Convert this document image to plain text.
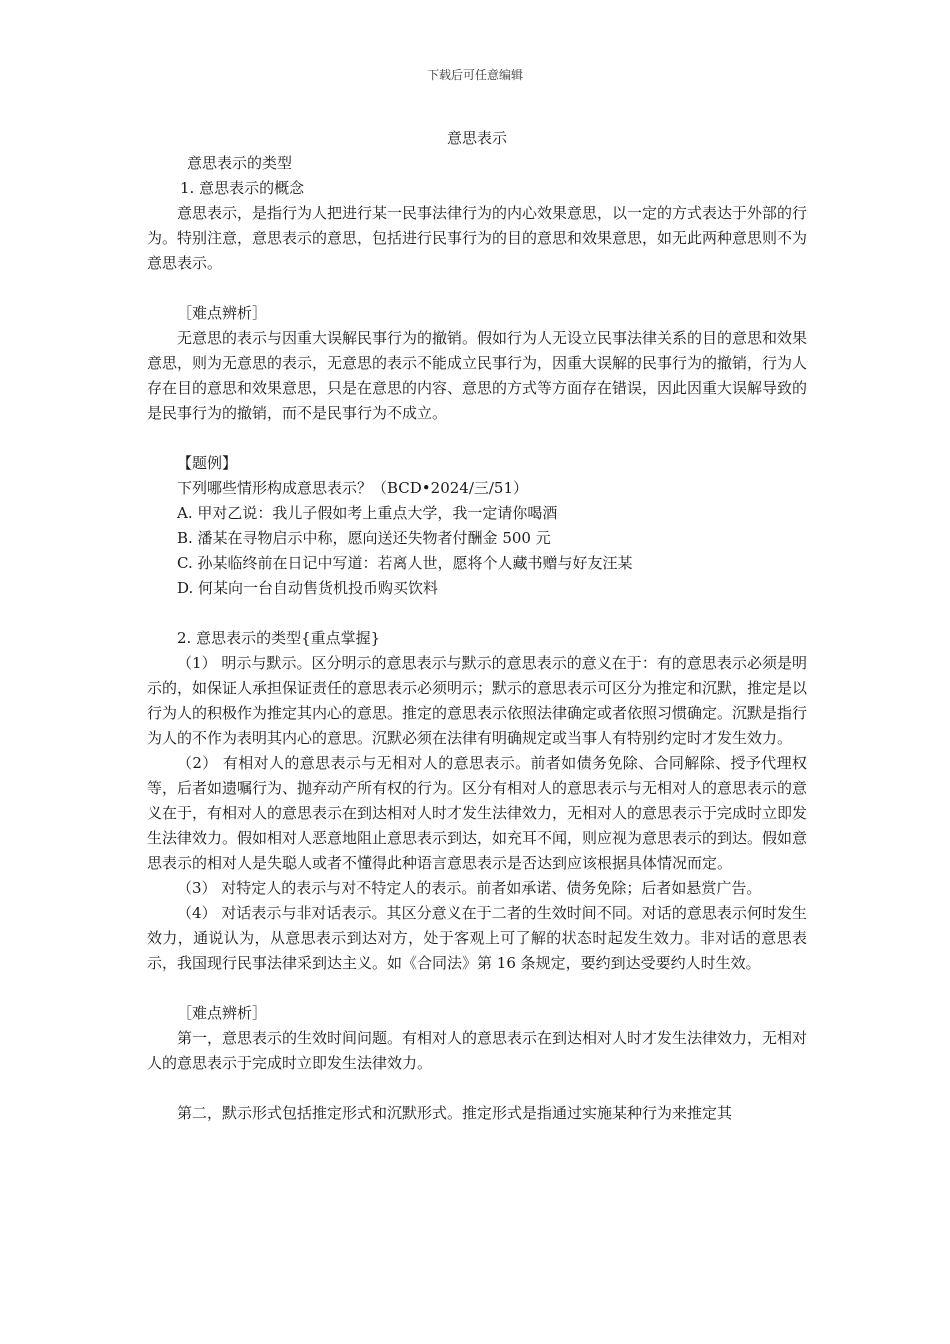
下载后可任意编辑

意思表示

意思表示的类型

1. 意思表示的概念

意思表示，是指行为人把进行某一民事法律行为的内心效果意思，以一定的方式表达于外部的行为。特别注意，意思表示的意思，包括进行民事行为的目的意思和效果意思，如无此两种意思则不为意思表示。

［难点辨析］

无意思的表示与因重大误解民事行为的撤销。假如行为人无设立民事法律关系的目的意思和效果意思，则为无意思的表示，无意思的表示不能成立民事行为，因重大误解的民事行为的撤销，行为人存在目的意思和效果意思，只是在意思的内容、意思的方式等方面存在错误，因此因重大误解导致的是民事行为的撤销，而不是民事行为不成立。

【题例】

下列哪些情形构成意思表示？（BCD•2024/三/51）

A. 甲对乙说：我儿子假如考上重点大学，我一定请你喝酒

B. 潘某在寻物启示中称，愿向送还失物者付酬金 500 元

C. 孙某临终前在日记中写道：若离人世，愿将个人藏书赠与好友汪某

D. 何某向一台自动售货机投币购买饮料

2. 意思表示的类型{重点掌握}

（1） 明示与默示。区分明示的意思表示与默示的意思表示的意义在于：有的意思表示必须是明示的，如保证人承担保证责任的意思表示必须明示；默示的意思表示可区分为推定和沉默，推定是以行为人的积极作为推定其内心的意思。推定的意思表示依照法律确定或者依照习惯确定。沉默是指行为人的不作为表明其内心的意思。沉默必须在法律有明确规定或当事人有特别约定时才发生效力。

（2） 有相对人的意思表示与无相对人的意思表示。前者如债务免除、合同解除、授予代理权等，后者如遗嘱行为、抛弃动产所有权的行为。区分有相对人的意思表示与无相对人的意思表示的意义在于，有相对人的意思表示在到达相对人时才发生法律效力，无相对人的意思表示于完成时立即发生法律效力。假如相对人恶意地阻止意思表示到达，如充耳不闻，则应视为意思表示的到达。假如意思表示的相对人是失聪人或者不懂得此种语言意思表示是否达到应该根据具体情况而定。

（3） 对特定人的表示与对不特定人的表示。前者如承诺、债务免除；后者如悬赏广告。

（4） 对话表示与非对话表示。其区分意义在于二者的生效时间不同。对话的意思表示何时发生效力，通说认为，从意思表示到达对方，处于客观上可了解的状态时起发生效力。非对话的意思表示，我国现行民事法律采到达主义。如《合同法》第 16 条规定，要约到达受要约人时生效。

［难点辨析］

第一，意思表示的生效时间问题。有相对人的意思表示在到达相对人时才发生法律效力，无相对人的意思表示于完成时立即发生法律效力。

第二，默示形式包括推定形式和沉默形式。推定形式是指通过实施某种行为来推定其
